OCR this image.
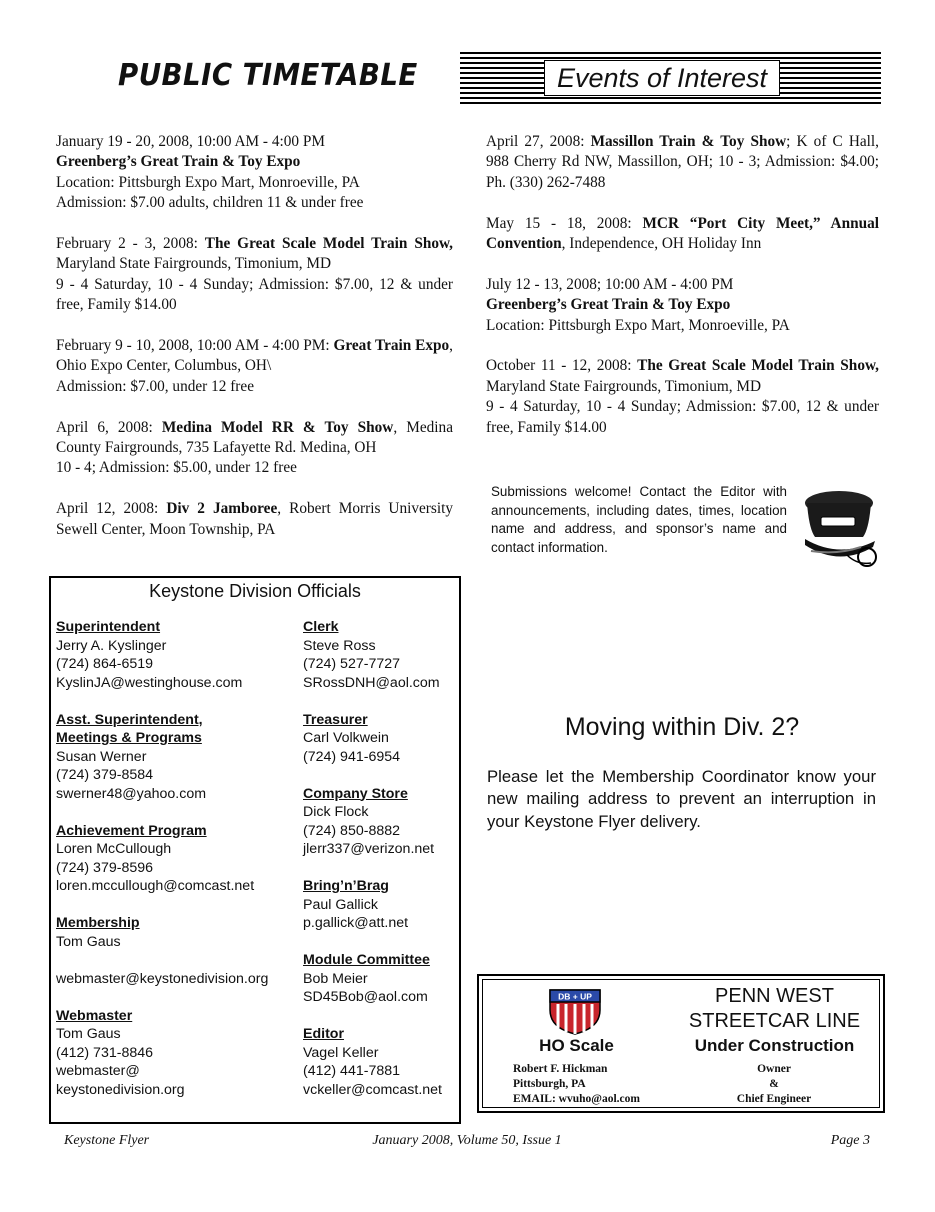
PUBLIC TIMETABLE	Events of Interest
January 19 - 20, 2008, 10:00 AM - 4:00 PM
Greenberg’s Great Train & Toy Expo
Location: Pittsburgh Expo Mart, Monroeville, PA
Admission: $7.00 adults, children 11 & under free
February 2 - 3, 2008: The Great Scale Model Train Show, Maryland State Fairgrounds, Timonium, MD
9 - 4 Saturday, 10 - 4 Sunday; Admission: $7.00, 12 & under free, Family $14.00
February 9 - 10, 2008, 10:00 AM - 4:00 PM: Great Train Expo, Ohio Expo Center, Columbus, OH\
Admission: $7.00, under 12 free
April 6, 2008: Medina Model RR & Toy Show, Medina County Fairgrounds, 735 Lafayette Rd. Medina, OH
10 - 4; Admission: $5.00, under 12 free
April 12, 2008: Div 2 Jamboree, Robert Morris University Sewell Center, Moon Township, PA
April 27, 2008: Massillon Train & Toy Show; K of C Hall, 988 Cherry Rd NW, Massillon, OH; 10 - 3; Admission: $4.00; Ph. (330) 262-7488
May 15 - 18, 2008: MCR “Port City Meet,” Annual Convention, Independence, OH Holiday Inn
July 12 - 13, 2008; 10:00 AM - 4:00 PM
Greenberg’s Great Train & Toy Expo
Location: Pittsburgh Expo Mart, Monroeville, PA
October 11 - 12, 2008: The Great Scale Model Train Show, Maryland State Fairgrounds, Timonium, MD
9 - 4 Saturday, 10 - 4 Sunday; Admission: $7.00, 12 & under free, Family $14.00
Submissions welcome! Contact the Editor with announcements, including dates, times, location name and address, and sponsor’s name and contact information.
Keystone Division Officials
Superintendent
Jerry A. Kyslinger
(724) 864-6519
KyslinJA@westinghouse.com
Asst. Superintendent,
Meetings & Programs
Susan Werner
(724) 379-8584
swerner48@yahoo.com
Achievement Program
Loren McCullough
(724) 379-8596
loren.mccullough@comcast.net
Membership
Tom Gaus
webmaster@keystonedivision.org
Webmaster
Tom Gaus
(412) 731-8846
webmaster@
keystonedivision.org
Clerk
Steve Ross
(724) 527-7727
SRossDNH@aol.com
Treasurer
Carl Volkwein
(724) 941-6954
Company Store
Dick Flock
(724) 850-8882
jlerr337@verizon.net
Bring’n’Brag
Paul Gallick
p.gallick@att.net
Module Committee
Bob Meier
SD45Bob@aol.com
Editor
Vagel Keller
(412) 441-7881
vckeller@comcast.net
Moving within Div. 2?
Please let the Membership Coordinator know your new mailing address to prevent an interruption in your Keystone Flyer delivery.
DB + UP
HO Scale
Robert F. Hickman
Pittsburgh, PA
EMAIL: wvuho@aol.com
PENN WEST
STREETCAR LINE
Under Construction
Owner
&
Chief Engineer
Keystone Flyer	January 2008, Volume 50, Issue 1	Page 3
